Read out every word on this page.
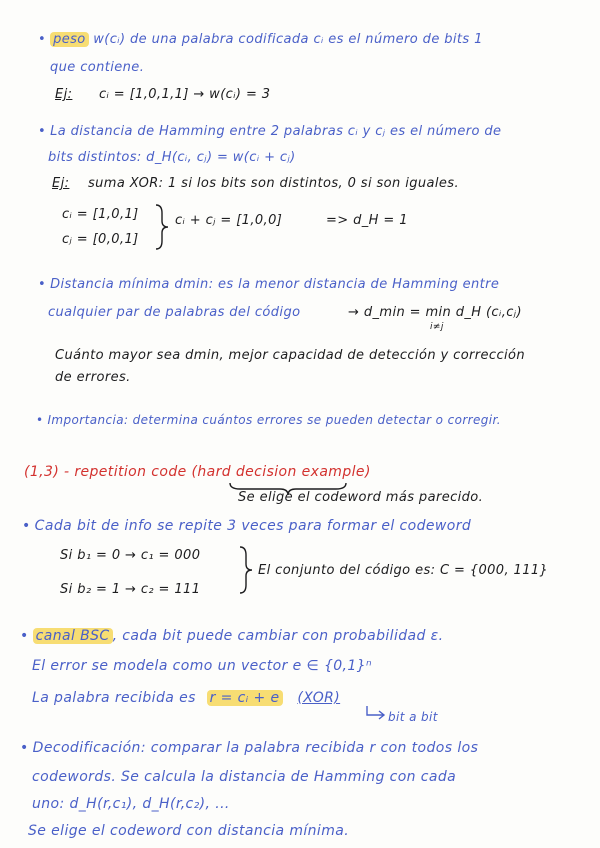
• peso w(cᵢ) de una palabra codificada cᵢ es el número de bits 1
que contiene.
Ej: cᵢ = [1,0,1,1] → w(cᵢ) = 3
• La distancia de Hamming entre 2 palabras cᵢ y cⱼ es el número de
bits distintos: d_H(cᵢ, cⱼ) = w(cᵢ + cⱼ)
Ej: suma XOR: 1 si los bits son distintos, 0 si son iguales.
cᵢ = [1,0,1]
cⱼ = [0,0,1]
cᵢ + cⱼ = [1,0,0]	=> d_H = 1
• Distancia mínima dmin: es la menor distancia de Hamming entre
cualquier par de palabras del código	→ d_min = min d_H (cᵢ,cⱼ)
i≠j
Cuánto mayor sea dmin, mejor capacidad de detección y corrección
de errores.
• Importancia: determina cuántos errores se pueden detectar o corregir.
(1,3) - repetition code (hard decision example)
Se elige el codeword más parecido.
• Cada bit de info se repite 3 veces para formar el codeword
Si b₁ = 0 → c₁ = 000
Si b₂ = 1 → c₂ = 111
El conjunto del código es: C = {000, 111}
• canal BSC , cada bit puede cambiar con probabilidad ε.
El error se modela como un vector e ∈ {0,1}ⁿ
La palabra recibida es r = cᵢ + e (XOR)
bit a bit
• Decodificación: comparar la palabra recibida r con todos los
codewords. Se calcula la distancia de Hamming con cada
uno: d_H(r,c₁), d_H(r,c₂), ...
Se elige el codeword con distancia mínima.
